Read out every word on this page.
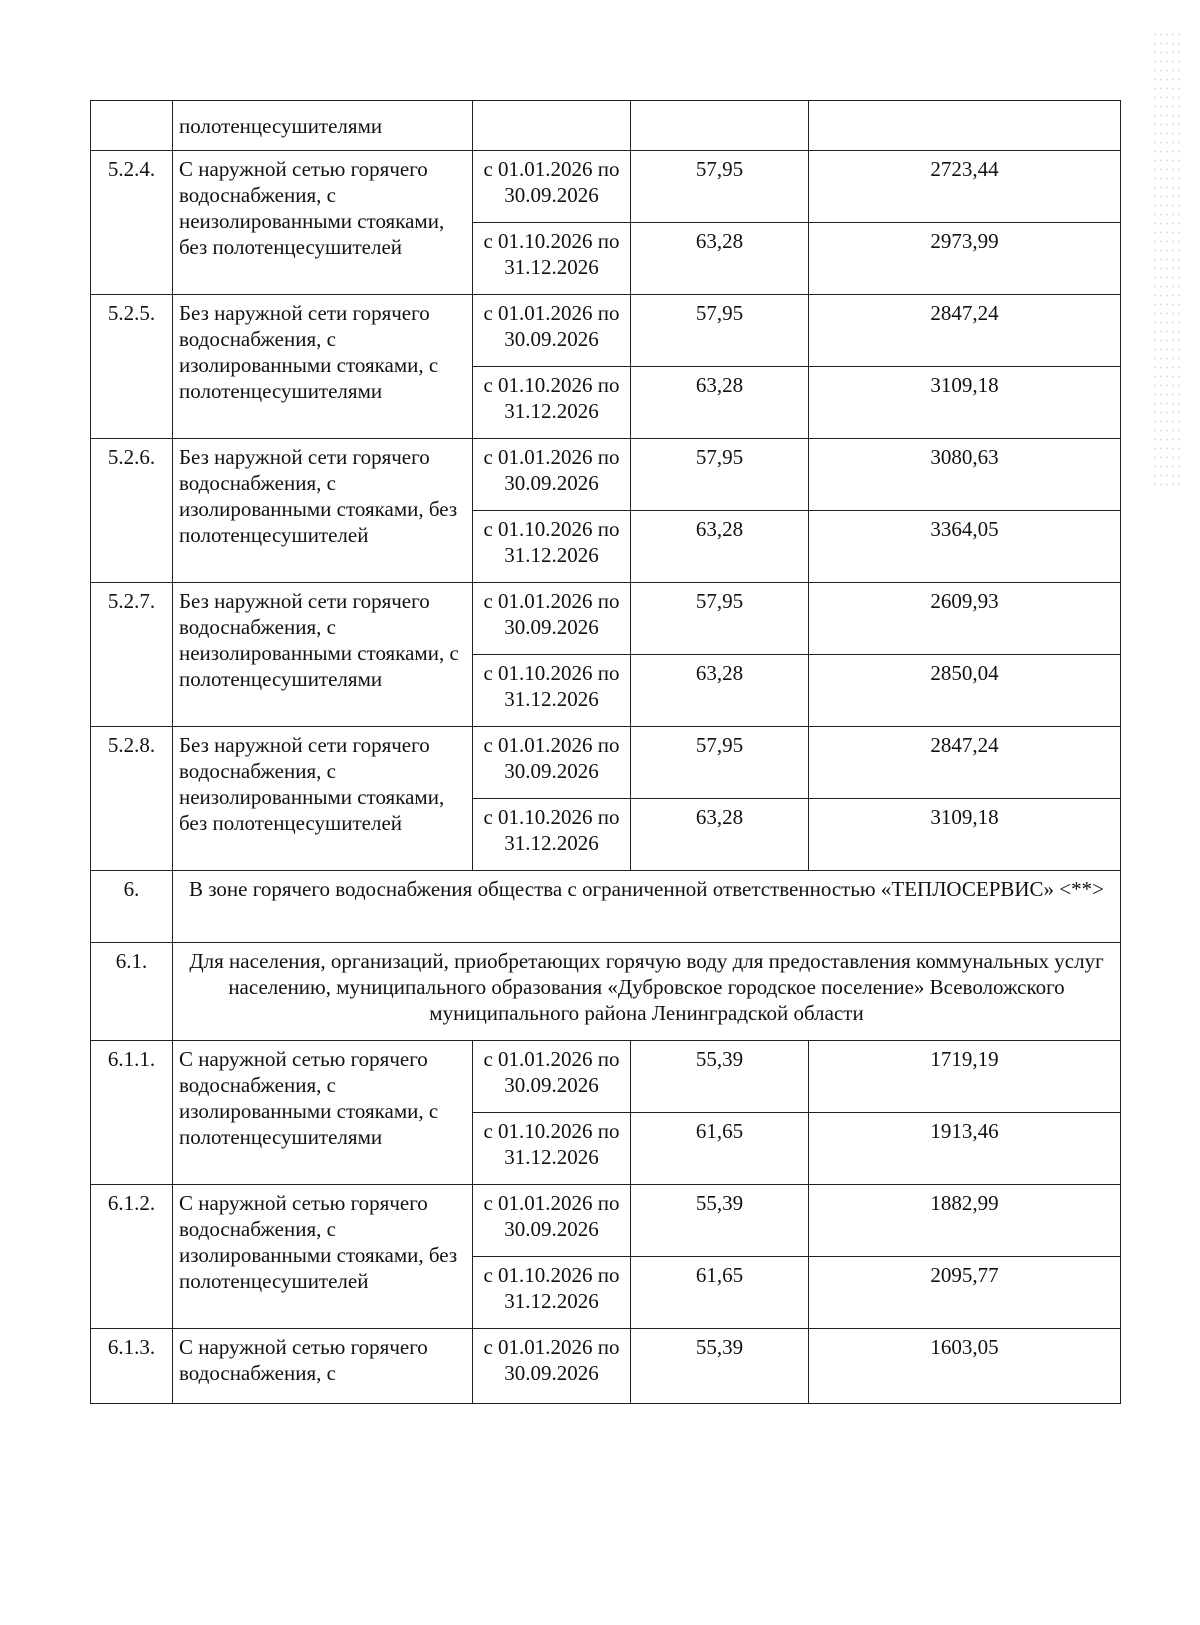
	полотенцесушителями			
5.2.4.	С наружной сетью горячего водоснабжения, с неизолированными стояками, без полотенцесушителей	с 01.01.2026 по 30.09.2026	57,95	2723,44
		с 01.10.2026 по 31.12.2026	63,28	2973,99
5.2.5.	Без наружной сети горячего водоснабжения, с изолированными стояками, с полотенцесушителями	с 01.01.2026 по 30.09.2026	57,95	2847,24
		с 01.10.2026 по 31.12.2026	63,28	3109,18
5.2.6.	Без наружной сети горячего водоснабжения, с изолированными стояками, без полотенцесушителей	с 01.01.2026 по 30.09.2026	57,95	3080,63
		с 01.10.2026 по 31.12.2026	63,28	3364,05
5.2.7.	Без наружной сети горячего водоснабжения, с неизолированными стояками, с полотенцесушителями	с 01.01.2026 по 30.09.2026	57,95	2609,93
		с 01.10.2026 по 31.12.2026	63,28	2850,04
5.2.8.	Без наружной сети горячего водоснабжения, с неизолированными стояками, без полотенцесушителей	с 01.01.2026 по 30.09.2026	57,95	2847,24
		с 01.10.2026 по 31.12.2026	63,28	3109,18
6.	В зоне горячего водоснабжения общества с ограниченной ответственностью «ТЕПЛОСЕРВИС» <**>			
6.1.	Для населения, организаций, приобретающих горячую воду для предоставления коммунальных услуг населению, муниципального образования «Дубровское городское поселение» Всеволожского муниципального района Ленинградской области			
6.1.1.	С наружной сетью горячего водоснабжения, с изолированными стояками, с полотенцесушителями	с 01.01.2026 по 30.09.2026	55,39	1719,19
		с 01.10.2026 по 31.12.2026	61,65	1913,46
6.1.2.	С наружной сетью горячего водоснабжения, с изолированными стояками, без полотенцесушителей	с 01.01.2026 по 30.09.2026	55,39	1882,99
		с 01.10.2026 по 31.12.2026	61,65	2095,77
6.1.3.	С наружной сетью горячего водоснабжения, с	с 01.01.2026 по 30.09.2026	55,39	1603,05
